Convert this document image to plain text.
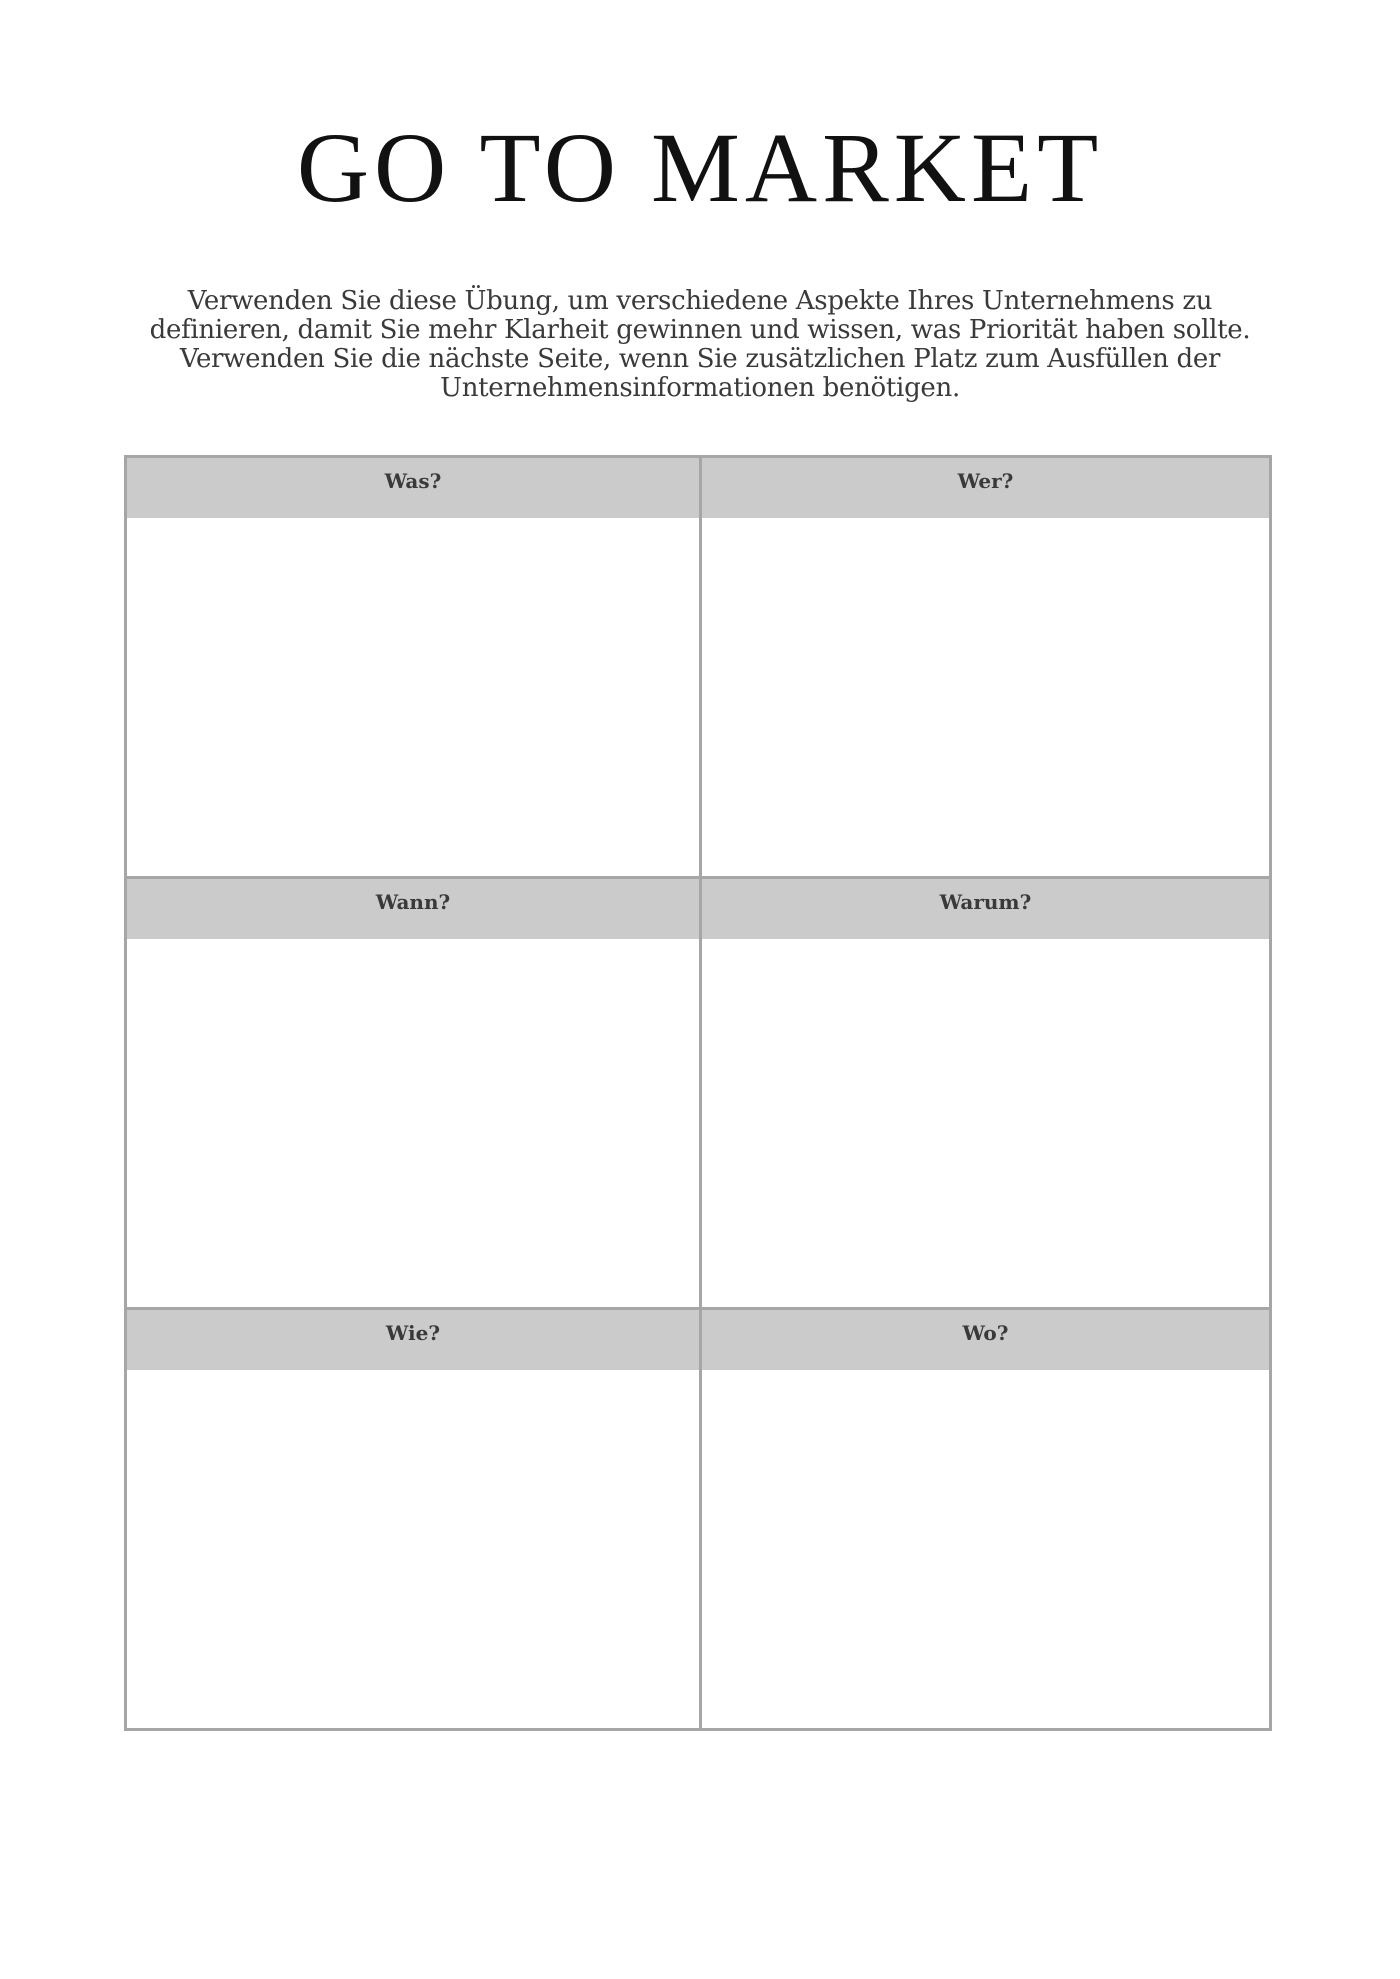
GO TO MARKET
Verwenden Sie diese Übung, um verschiedene Aspekte Ihres Unternehmens zu
definieren, damit Sie mehr Klarheit gewinnen und wissen, was Priorität haben sollte.
Verwenden Sie die nächste Seite, wenn Sie zusätzlichen Platz zum Ausfüllen der
Unternehmensinformationen benötigen.
Was?	Wer?
Wann?	Warum?
Wie?	Wo?
